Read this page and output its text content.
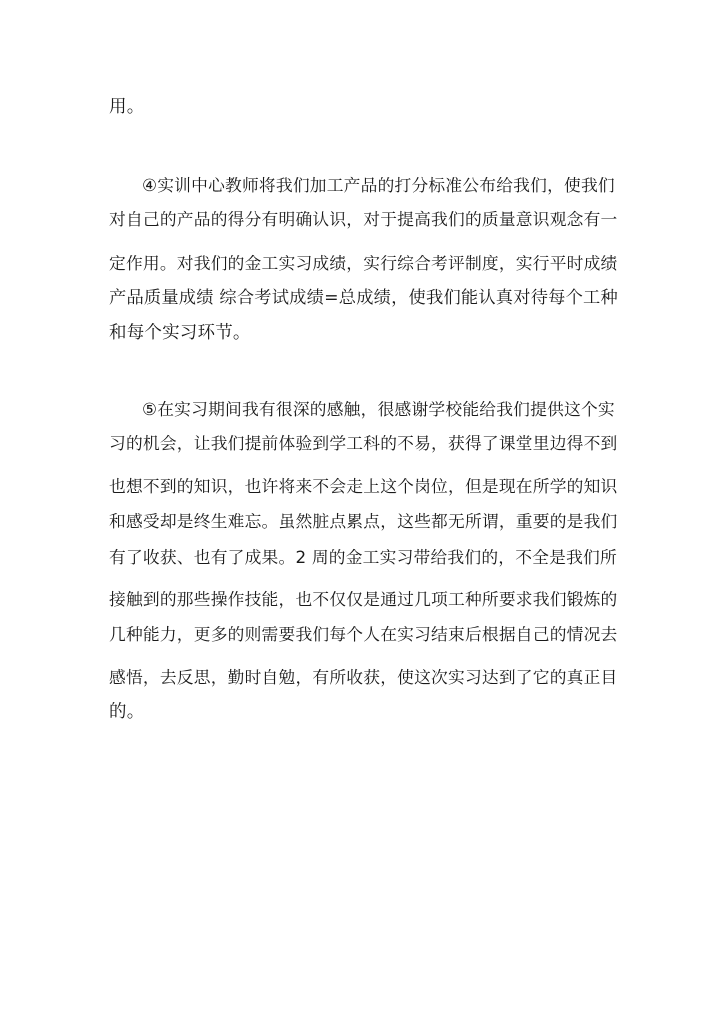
用。
④实训中心教师将我们加工产品的打分标准公布给我们，使我们
对自己的产品的得分有明确认识，对于提高我们的质量意识观念有一
定作用。对我们的金工实习成绩，实行综合考评制度，实行平时成绩
产品质量成绩 综合考试成绩=总成绩，使我们能认真对待每个工种
和每个实习环节。
⑤在实习期间我有很深的感触，很感谢学校能给我们提供这个实
习的机会，让我们提前体验到学工科的不易，获得了课堂里边得不到
也想不到的知识，也许将来不会走上这个岗位，但是现在所学的知识
和感受却是终生难忘。虽然脏点累点，这些都无所谓，重要的是我们
有了收获、也有了成果。2 周的金工实习带给我们的，不全是我们所
接触到的那些操作技能，也不仅仅是通过几项工种所要求我们锻炼的
几种能力，更多的则需要我们每个人在实习结束后根据自己的情况去
感悟，去反思，勤时自勉，有所收获，使这次实习达到了它的真正目
的。
